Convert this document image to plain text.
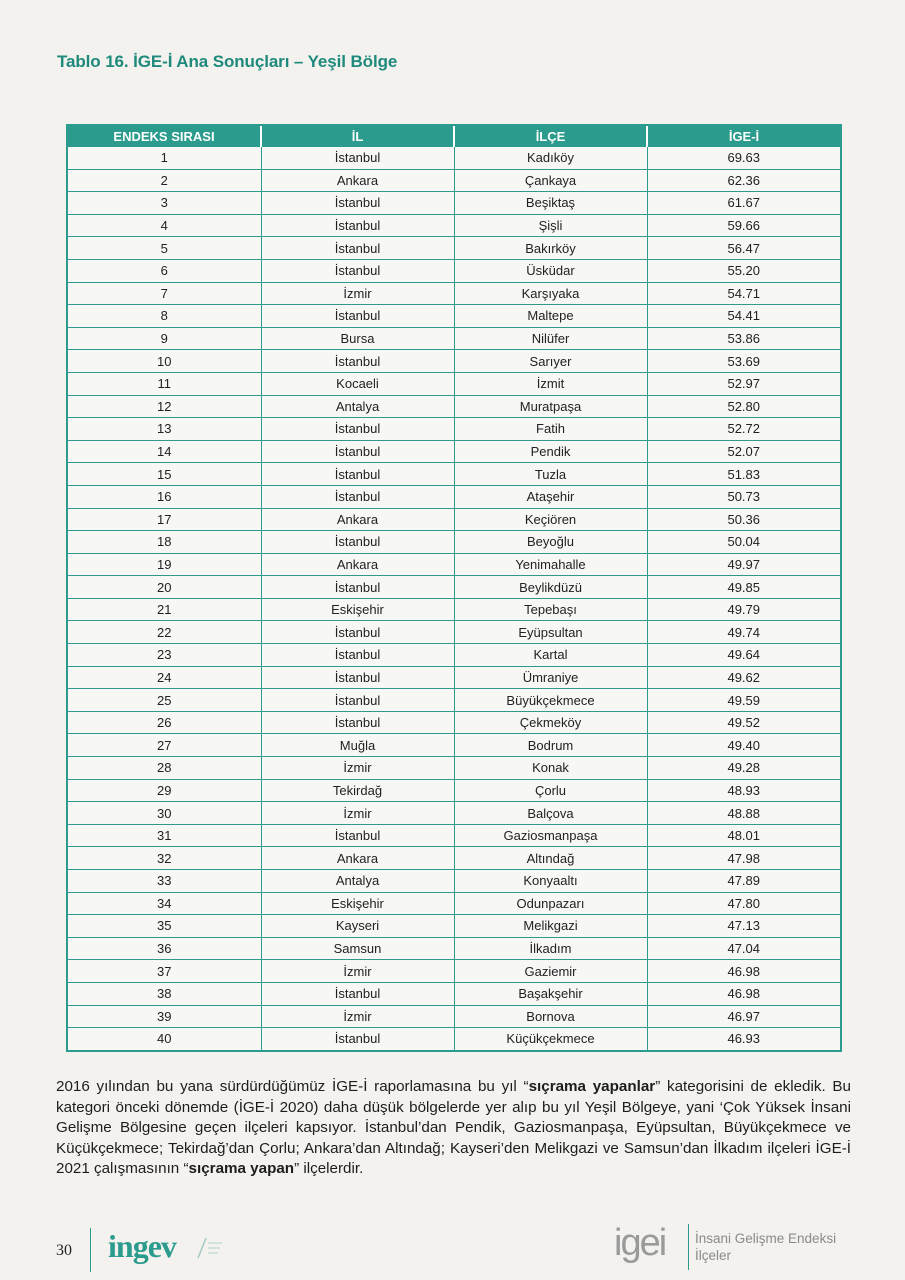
Tablo 16. İGE-İ Ana Sonuçları – Yeşil Bölge
ENDEKS SIRASI	İL	İLÇE	İGE-İ
1	İstanbul	Kadıköy	69.63
2	Ankara	Çankaya	62.36
3	İstanbul	Beşiktaş	61.67
4	İstanbul	Şişli	59.66
5	İstanbul	Bakırköy	56.47
6	İstanbul	Üsküdar	55.20
7	İzmir	Karşıyaka	54.71
8	İstanbul	Maltepe	54.41
9	Bursa	Nilüfer	53.86
10	İstanbul	Sarıyer	53.69
11	Kocaeli	İzmit	52.97
12	Antalya	Muratpaşa	52.80
13	İstanbul	Fatih	52.72
14	İstanbul	Pendik	52.07
15	İstanbul	Tuzla	51.83
16	İstanbul	Ataşehir	50.73
17	Ankara	Keçiören	50.36
18	İstanbul	Beyoğlu	50.04
19	Ankara	Yenimahalle	49.97
20	İstanbul	Beylikdüzü	49.85
21	Eskişehir	Tepebaşı	49.79
22	İstanbul	Eyüpsultan	49.74
23	İstanbul	Kartal	49.64
24	İstanbul	Ümraniye	49.62
25	İstanbul	Büyükçekmece	49.59
26	İstanbul	Çekmeköy	49.52
27	Muğla	Bodrum	49.40
28	İzmir	Konak	49.28
29	Tekirdağ	Çorlu	48.93
30	İzmir	Balçova	48.88
31	İstanbul	Gaziosmanpaşa	48.01
32	Ankara	Altındağ	47.98
33	Antalya	Konyaaltı	47.89
34	Eskişehir	Odunpazarı	47.80
35	Kayseri	Melikgazi	47.13
36	Samsun	İlkadım	47.04
37	İzmir	Gaziemir	46.98
38	İstanbul	Başakşehir	46.98
39	İzmir	Bornova	46.97
40	İstanbul	Küçükçekmece	46.93
2016 yılından bu yana sürdürdüğümüz İGE-İ raporlamasına bu yıl “sıçrama yapanlar” kategorisini de ekledik. Bu kategori önceki dönemde (İGE-İ 2020) daha düşük bölgelerde yer alıp bu yıl Yeşil Bölgeye, yani ‘Çok Yüksek İnsani Gelişme Bölgesine geçen ilçeleri kapsıyor. İstanbul’dan Pendik, Gaziosmanpaşa, Eyüpsultan, Büyükçekmece ve Küçükçekmece; Tekirdağ’dan Çorlu; Ankara’dan Altındağ; Kayseri’den Melikgazi ve Samsun’dan İlkadım ilçeleri İGE-İ 2021 çalışmasının “sıçrama yapan” ilçelerdir.
30 ingev	igei İnsani Gelişme Endeksi
İlçeler
